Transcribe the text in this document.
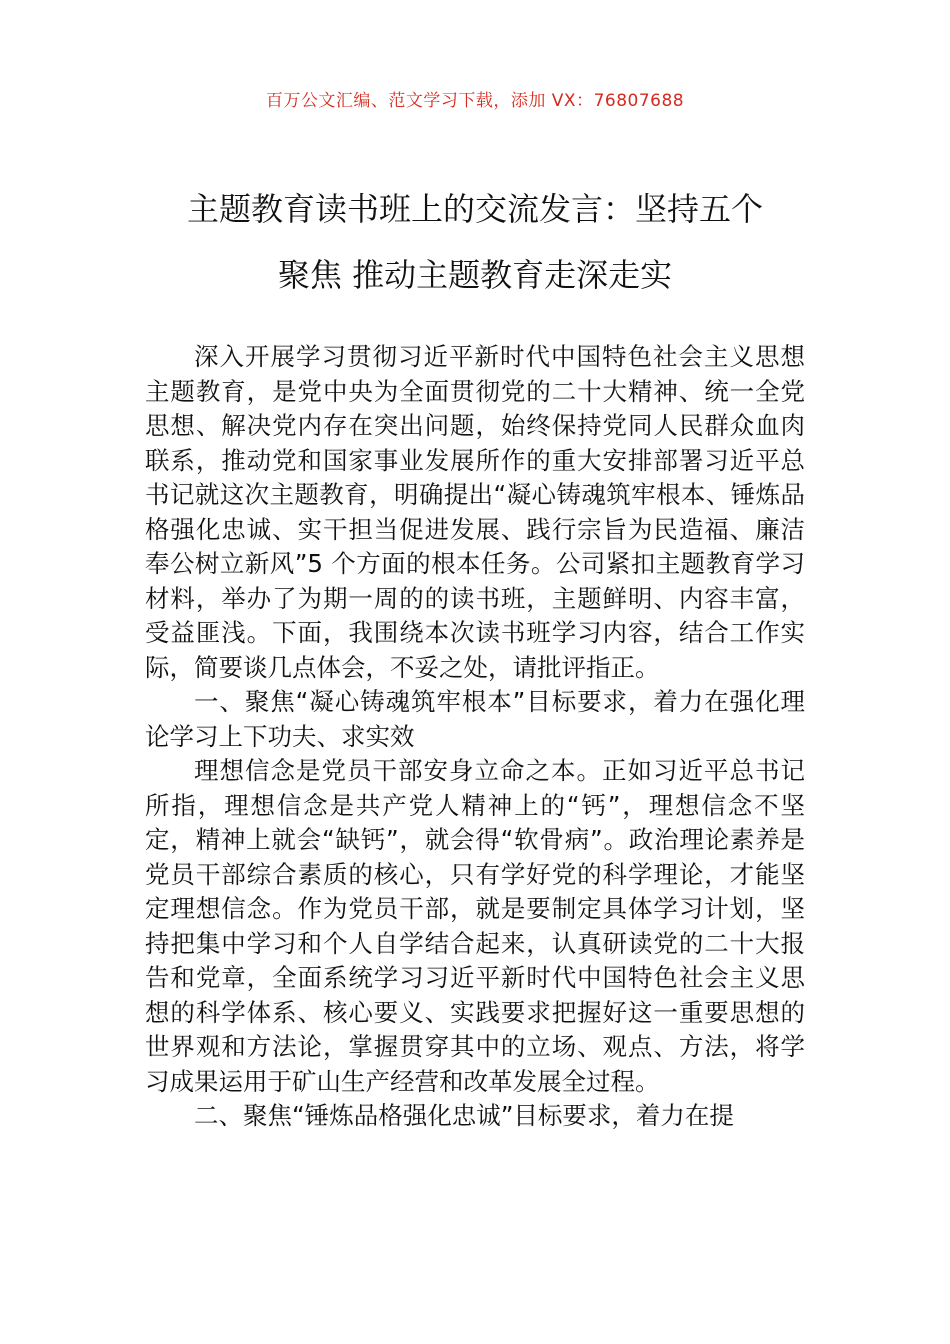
百万公文汇编、范文学习下载，添加 VX：76807688
主题教育读书班上的交流发言：坚持五个
聚焦 推动主题教育走深走实

深入开展学习贯彻习近平新时代中国特色社会主义思想主题教育，是党中央为全面贯彻党的二十大精神、统一全党思想、解决党内存在突出问题，始终保持党同人民群众血肉联系，推动党和国家事业发展所作的重大安排部署习近平总书记就这次主题教育，明确提出“凝心铸魂筑牢根本、锤炼品格强化忠诚、实干担当促进发展、践行宗旨为民造福、廉洁奉公树立新风”5 个方面的根本任务。公司紧扣主题教育学习材料，举办了为期一周的的读书班，主题鲜明、内容丰富，受益匪浅。下面，我围绕本次读书班学习内容，结合工作实际，简要谈几点体会，不妥之处，请批评指正。

一、聚焦“凝心铸魂筑牢根本”目标要求，着力在强化理论学习上下功夫、求实效

理想信念是党员干部安身立命之本。正如习近平总书记所指，理想信念是共产党人精神上的“钙”，理想信念不坚定，精神上就会“缺钙”，就会得“软骨病”。政治理论素养是党员干部综合素质的核心，只有学好党的科学理论，才能坚定理想信念。作为党员干部，就是要制定具体学习计划，坚持把集中学习和个人自学结合起来，认真研读党的二十大报告和党章，全面系统学习习近平新时代中国特色社会主义思想的科学体系、核心要义、实践要求把握好这一重要思想的世界观和方法论，掌握贯穿其中的立场、观点、方法，将学习成果运用于矿山生产经营和改革发展全过程。

二、聚焦“锤炼品格强化忠诚”目标要求，着力在提
